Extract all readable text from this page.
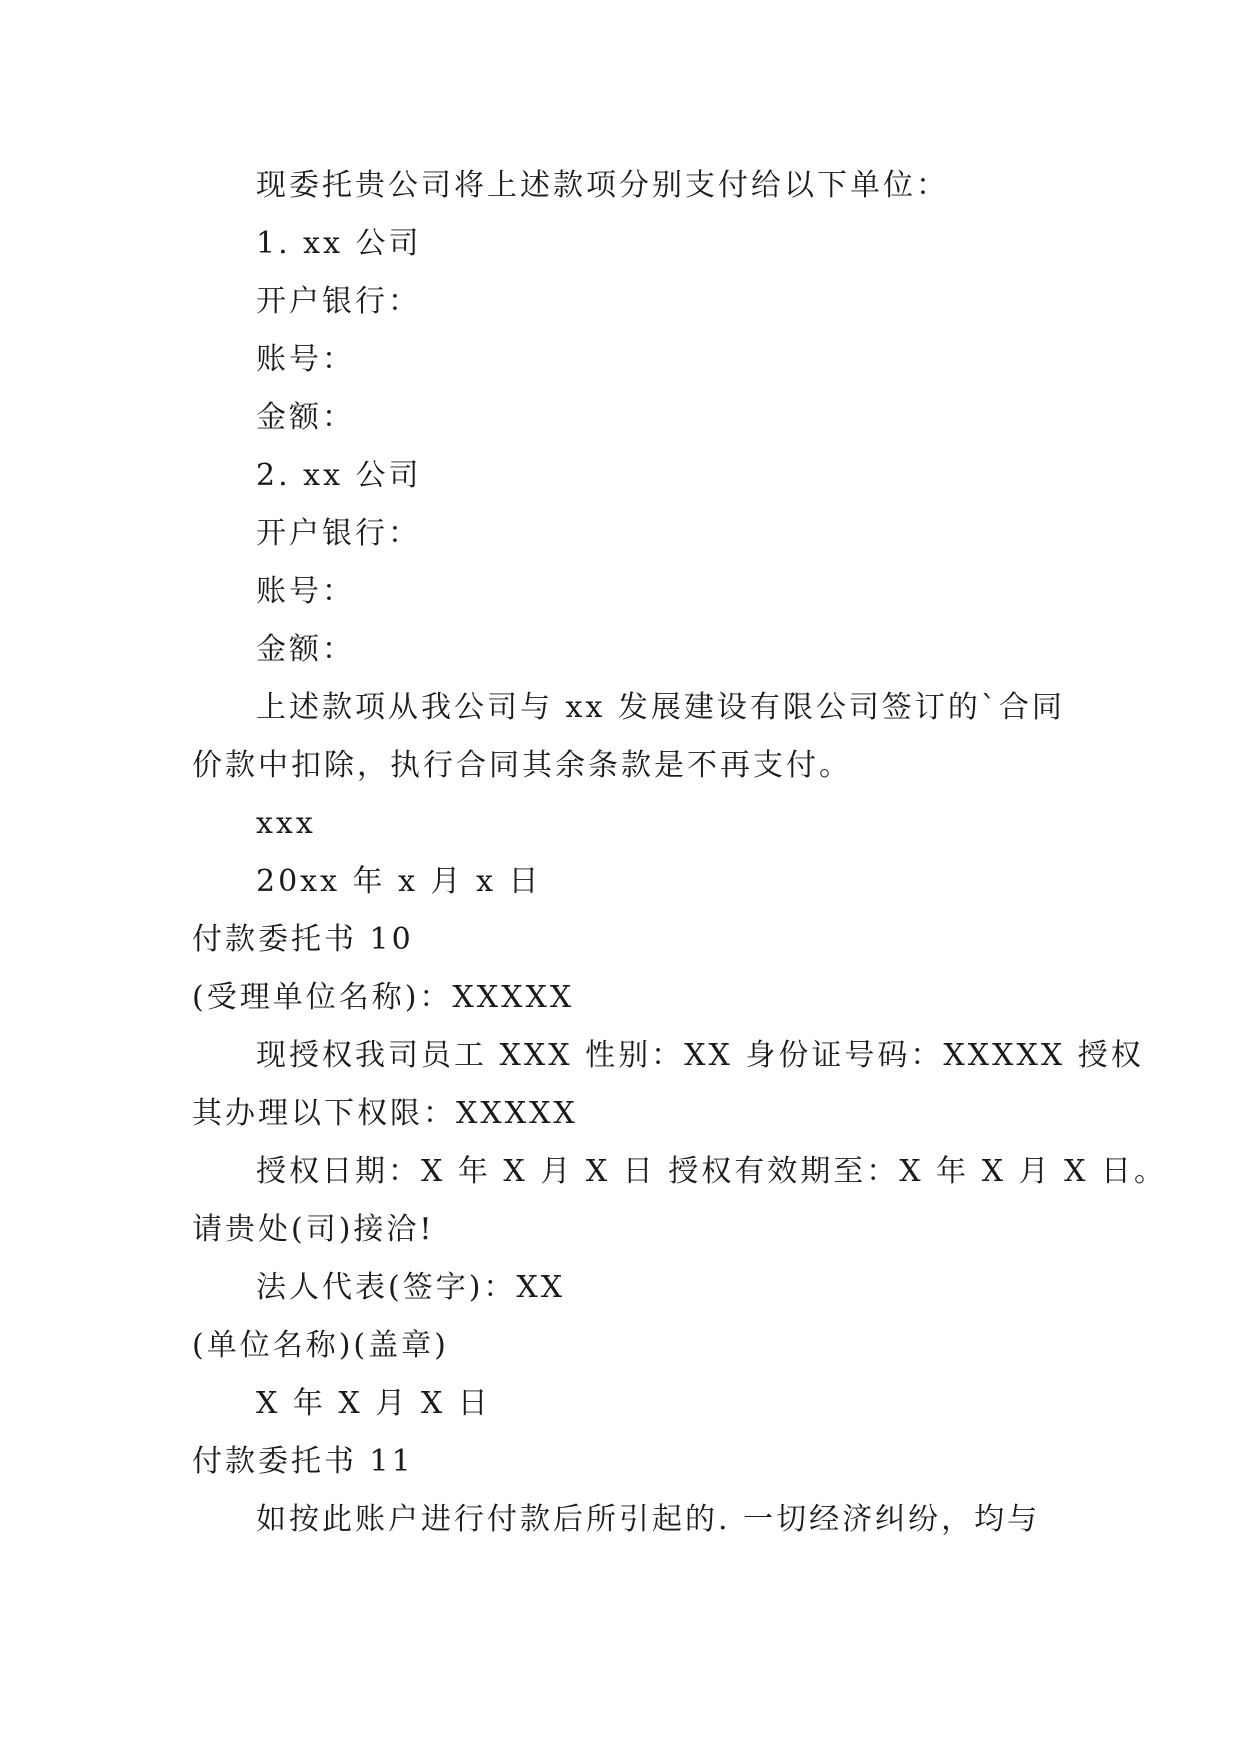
现委托贵公司将上述款项分别支付给以下单位：
1. xx 公司
开户银行：
账号：
金额：
2. xx 公司
开户银行：
账号：
金额：
上述款项从我公司与 xx 发展建设有限公司签订的`合同
价款中扣除，执行合同其余条款是不再支付。
xxx
20xx 年 x 月 x 日
付款委托书 10
(受理单位名称)：XXXXX
现授权我司员工 XXX 性别：XX 身份证号码：XXXXX 授权
其办理以下权限：XXXXX
授权日期：X 年 X 月 X 日 授权有效期至：X 年 X 月 X 日。
请贵处(司)接洽!
法人代表(签字)：XX
(单位名称)(盖章)
X 年 X 月 X 日
付款委托书 11
如按此账户进行付款后所引起的. 一切经济纠纷，均与
